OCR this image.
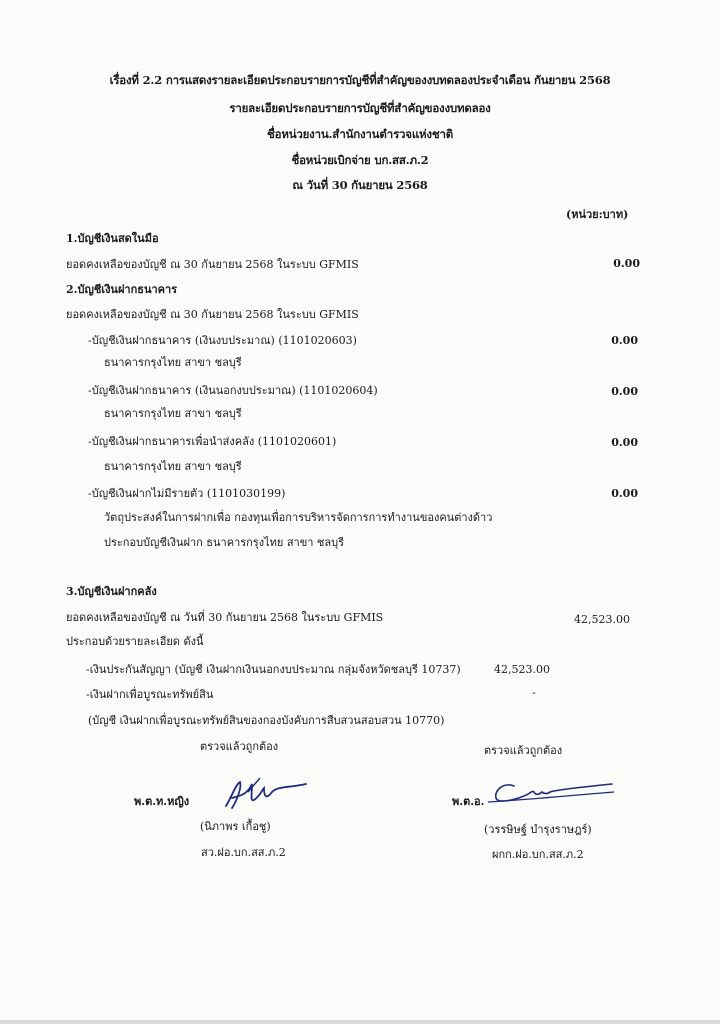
เรื่องที่ 2.2 การแสดงรายละเอียดประกอบรายการบัญชีที่สำคัญของงบทดลองประจำเดือน กันยายน 2568
รายละเอียดประกอบรายการบัญชีที่สำคัญของงบทดลอง
ชื่อหน่วยงาน.สำนักงานตำรวจแห่งชาติ
ชื่อหน่วยเบิกจ่าย บก.สส.ภ.2
ณ วันที่ 30 กันยายน 2568
(หน่วย:บาท)
1.บัญชีเงินสดในมือ
ยอดคงเหลือของบัญชี ณ 30 กันยายน 2568 ในระบบ GFMIS	0.00
2.บัญชีเงินฝากธนาคาร
ยอดคงเหลือของบัญชี ณ 30 กันยายน 2568 ในระบบ GFMIS
-บัญชีเงินฝากธนาคาร (เงินงบประมาณ) (1101020603)	0.00
ธนาคารกรุงไทย สาขา ชลบุรี
-บัญชีเงินฝากธนาคาร (เงินนอกงบประมาณ) (1101020604)	0.00
ธนาคารกรุงไทย สาขา ชลบุรี
-บัญชีเงินฝากธนาคารเพื่อนำส่งคลัง (1101020601)	0.00
ธนาคารกรุงไทย สาขา ชลบุรี
-บัญชีเงินฝากไม่มีรายตัว (1101030199)	0.00
วัตถุประสงค์ในการฝากเพื่อ กองทุนเพื่อการบริหารจัดการการทำงานของคนต่างด้าว
ประกอบบัญชีเงินฝาก ธนาคารกรุงไทย สาขา ชลบุรี
3.บัญชีเงินฝากคลัง
ยอดคงเหลือของบัญชี ณ วันที่ 30 กันยายน 2568 ในระบบ GFMIS	42,523.00
ประกอบด้วยรายละเอียด ดังนี้
-เงินประกันสัญญา (บัญชี เงินฝากเงินนอกงบประมาณ กลุ่มจังหวัดชลบุรี 10737)	42,523.00
-เงินฝากเพื่อบูรณะทรัพย์สิน	-
(บัญชี เงินฝากเพื่อบูรณะทรัพย์สินของกองบังคับการสืบสวนสอบสวน 10770)
ตรวจแล้วถูกต้อง	ตรวจแล้วถูกต้อง
พ.ต.ท.หญิง
(นิภาพร เกื้อชู)
สว.ฝอ.บก.สส.ภ.2
พ.ต.อ.
(วรรษิษฐ์ บำรุงราษฎร์)
ผกก.ฝอ.บก.สส.ภ.2
